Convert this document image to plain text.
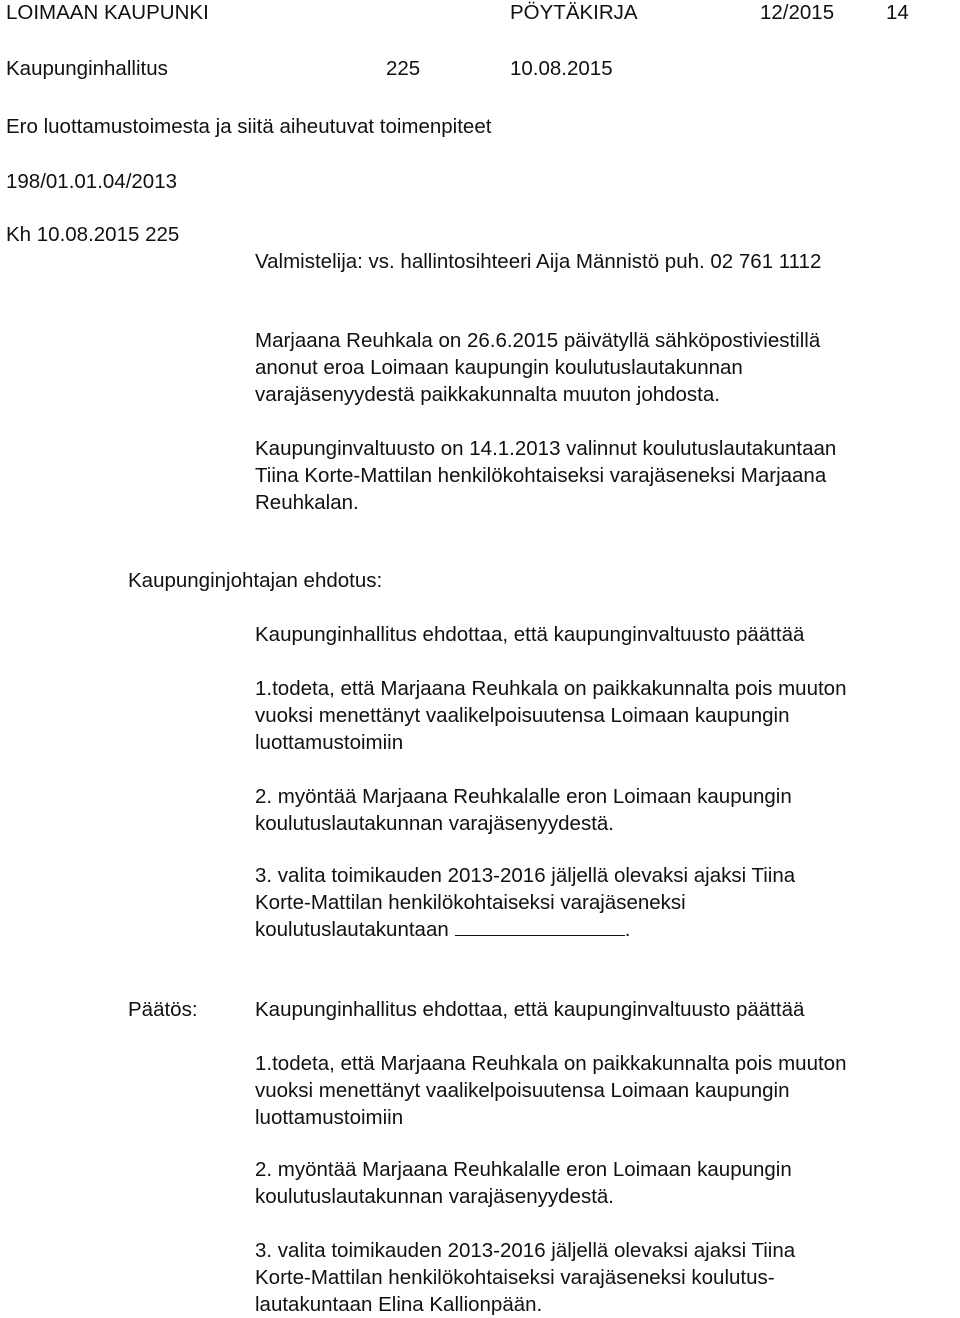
LOIMAAN KAUPUNKI	PÖYTÄKIRJA	12/2015	14
Kaupunginhallitus	225	10.08.2015
Ero luottamustoimesta ja siitä aiheutuvat toimenpiteet
198/01.01.04/2013
Kh 10.08.2015 225
Valmistelija: vs. hallintosihteeri Aija Männistö puh. 02 761 1112
Marjaana Reuhkala on 26.6.2015 päivätyllä sähköpostiviestillä
anonut eroa Loimaan kaupungin koulutuslautakunnan
varajäsenyydestä paikkakunnalta muuton johdosta.
Kaupunginvaltuusto on 14.1.2013 valinnut koulutuslautakuntaan
Tiina Korte-Mattilan henkilökohtaiseksi varajäseneksi Marjaana
Reuhkalan.
Kaupunginjohtajan ehdotus:
Kaupunginhallitus ehdottaa, että kaupunginvaltuusto päättää
1.todeta, että Marjaana Reuhkala on paikkakunnalta pois muuton
vuoksi menettänyt vaalikelpoisuutensa Loimaan kaupungin
luottamustoimiin
2. myöntää Marjaana Reuhkalalle eron Loimaan kaupungin
koulutuslautakunnan varajäsenyydestä.
3. valita toimikauden 2013-2016 jäljellä olevaksi ajaksi Tiina
Korte-Mattilan henkilökohtaiseksi varajäseneksi
koulutuslautakuntaan	.
Päätös:	Kaupunginhallitus ehdottaa, että kaupunginvaltuusto päättää
1.todeta, että Marjaana Reuhkala on paikkakunnalta pois muuton
vuoksi menettänyt vaalikelpoisuutensa Loimaan kaupungin
luottamustoimiin
2. myöntää Marjaana Reuhkalalle eron Loimaan kaupungin
koulutuslautakunnan varajäsenyydestä.
3. valita toimikauden 2013-2016 jäljellä olevaksi ajaksi Tiina
Korte-Mattilan henkilökohtaiseksi varajäseneksi koulutus-
lautakuntaan Elina Kallionpään.
